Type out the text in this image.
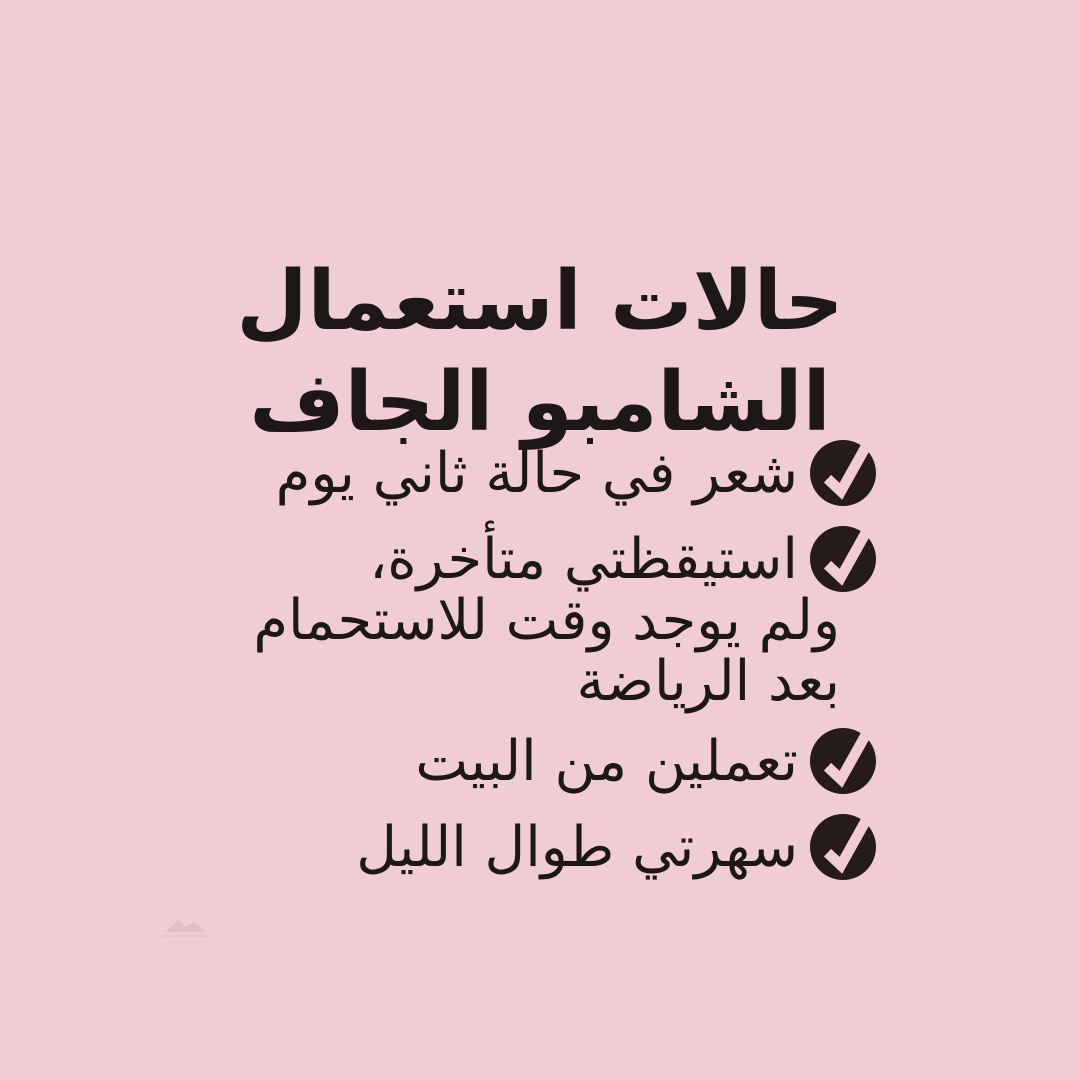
حالات استعمال
الشامبو الجاف
شعر في حالة ثاني يوم
استيقظتي متأخرة،
ولم يوجد وقت للاستحمام
بعد الرياضة
تعملين من البيت
سهرتي طوال الليل
